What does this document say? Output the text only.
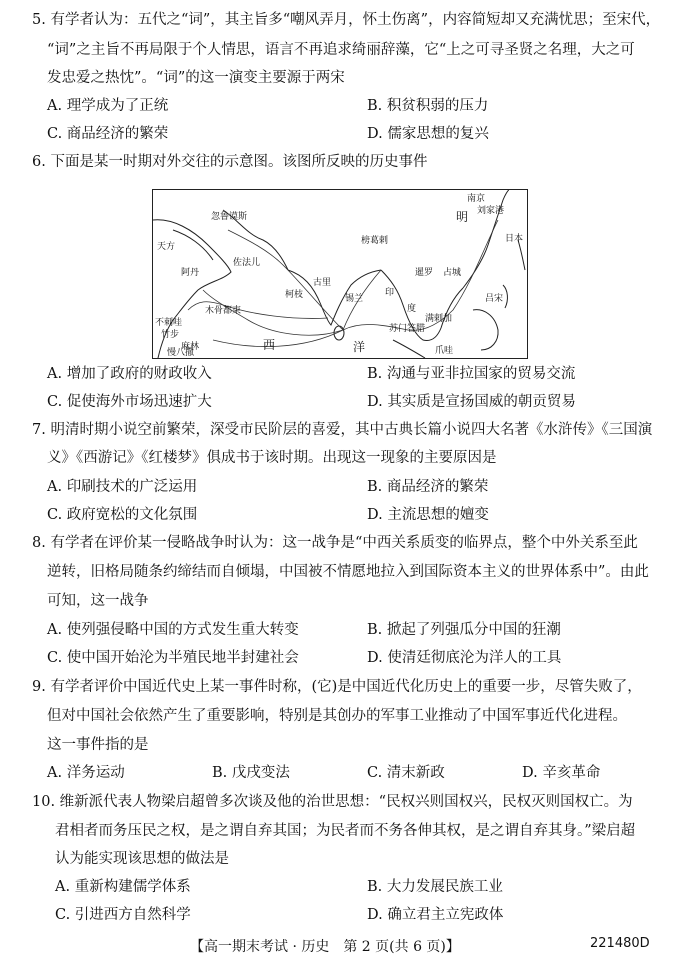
5. 有学者认为：五代之“词”，其主旨多“嘲风弄月，怀土伤离”，内容简短却又充满忧思；至宋代，
“词”之主旨不再局限于个人情思，语言不再追求绮丽辞藻，它“上之可寻圣贤之名理，大之可
发忠爱之热忱”。“词”的这一演变主要源于两宋
A. 理学成为了正统	B. 积贫积弱的压力
C. 商品经济的繁荣	D. 儒家思想的复兴
6. 下面是某一时期对外交往的示意图。该图所反映的历史事件
忽鲁谟斯
天方
阿丹
佐法儿
柯枝
古里
锡兰
榜葛剌
苏门答腊
满剌加
暹罗 占城
明
南京
刘家港
日本
吕宋
木骨都束
不刺哇
竹步
麻林
慢八撒	爪哇
西	洋
印
度
A. 增加了政府的财政收入	B. 沟通与亚非拉国家的贸易交流
C. 促使海外市场迅速扩大	D. 其实质是宣扬国威的朝贡贸易
7. 明清时期小说空前繁荣，深受市民阶层的喜爱，其中古典长篇小说四大名著《水浒传》《三国演
义》《西游记》《红楼梦》俱成书于该时期。出现这一现象的主要原因是
A. 印刷技术的广泛运用	B. 商品经济的繁荣
C. 政府宽松的文化氛围	D. 主流思想的嬗变
8. 有学者在评价某一侵略战争时认为：这一战争是“中西关系质变的临界点，整个中外关系至此
逆转，旧格局随条约缔结而自倾塌，中国被不情愿地拉入到国际资本主义的世界体系中”。由此
可知，这一战争
A. 使列强侵略中国的方式发生重大转变	B. 掀起了列强瓜分中国的狂潮
C. 使中国开始沦为半殖民地半封建社会	D. 使清廷彻底沦为洋人的工具
9. 有学者评价中国近代史上某一事件时称，(它)是中国近代化历史上的重要一步，尽管失败了，
但对中国社会依然产生了重要影响，特别是其创办的军事工业推动了中国军事近代化进程。
这一事件指的是
A. 洋务运动	B. 戊戌变法	C. 清末新政	D. 辛亥革命
10. 维新派代表人物梁启超曾多次谈及他的治世思想：“民权兴则国权兴，民权灭则国权亡。为
君相者而务压民之权，是之谓自弃其国；为民者而不务各伸其权，是之谓自弃其身。”梁启超
认为能实现该思想的做法是
A. 重新构建儒学体系	B. 大力发展民族工业
C. 引进西方自然科学	D. 确立君主立宪政体
【高一期末考试 · 历史　第 2 页(共 6 页)】	221480D
